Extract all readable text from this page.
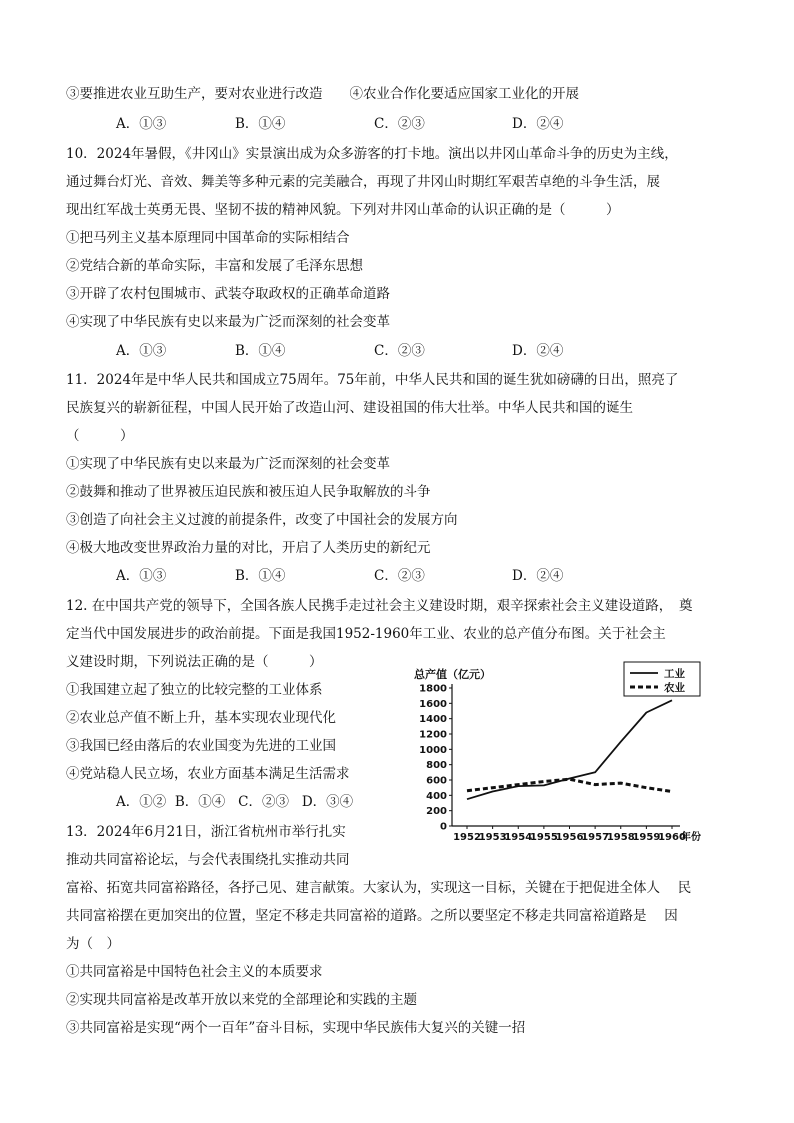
③要推进农业互助生产，要对农业进行改造　　④农业合作化要适应国家工业化的开展
A．①③	B．①④	C．②③	D．②④
10．2024年暑假，《井冈山》实景演出成为众多游客的打卡地。演出以井冈山革命斗争的历史为主线，
通过舞台灯光、音效、舞美等多种元素的完美融合，再现了井冈山时期红军艰苦卓绝的斗争生活，展
现出红军战士英勇无畏、坚韧不拔的精神风貌。下列对井冈山革命的认识正确的是（　　　）
①把马列主义基本原理同中国革命的实际相结合
②党结合新的革命实际，丰富和发展了毛泽东思想
③开辟了农村包围城市、武装夺取政权的正确革命道路
④实现了中华民族有史以来最为广泛而深刻的社会变革
A．①③	B．①④	C．②③	D．②④
11．2024年是中华人民共和国成立75周年。75年前，中华人民共和国的诞生犹如磅礴的日出，照亮了
民族复兴的崭新征程，中国人民开始了改造山河、建设祖国的伟大壮举。中华人民共和国的诞生
（　　　）
①实现了中华民族有史以来最为广泛而深刻的社会变革
②鼓舞和推动了世界被压迫民族和被压迫人民争取解放的斗争
③创造了向社会主义过渡的前提条件，改变了中国社会的发展方向
④极大地改变世界政治力量的对比，开启了人类历史的新纪元
A．①③	B．①④	C．②③	D．②④
12. 在中国共产党的领导下，全国各族人民携手走过社会主义建设时期，艰辛探索社会主义建设道路，　奠
定当代中国发展进步的政治前提。下面是我国1952-1960年工业、农业的总产值分布图。关于社会主
义建设时期，下列说法正确的是（　　　）
①我国建立起了独立的比较完整的工业体系
②农业总产值不断上升，基本实现农业现代化
③我国已经由落后的农业国变为先进的工业国
④党站稳人民立场，农业方面基本满足生活需求
A．①②  B．①④   C．②③   D．③④
0
200
400
600
800
1000
1200
1400
1600
1800
1952
1953
1954
1955
1956
1957
1958
1959
1960
工业
农业
总产值（亿元）
年份
13．2024年6月21日，浙江省杭州市举行扎实
推动共同富裕论坛，与会代表围绕扎实推动共同
富裕、拓宽共同富裕路径，各抒己见、建言献策。大家认为，实现这一目标，关键在于把促进全体人　 民
共同富裕摆在更加突出的位置，坚定不移走共同富裕的道路。之所以要坚定不移走共同富裕道路是　 因
为（　）
①共同富裕是中国特色社会主义的本质要求
②实现共同富裕是改革开放以来党的全部理论和实践的主题
③共同富裕是实现“两个一百年”奋斗目标，实现中华民族伟大复兴的关键一招
